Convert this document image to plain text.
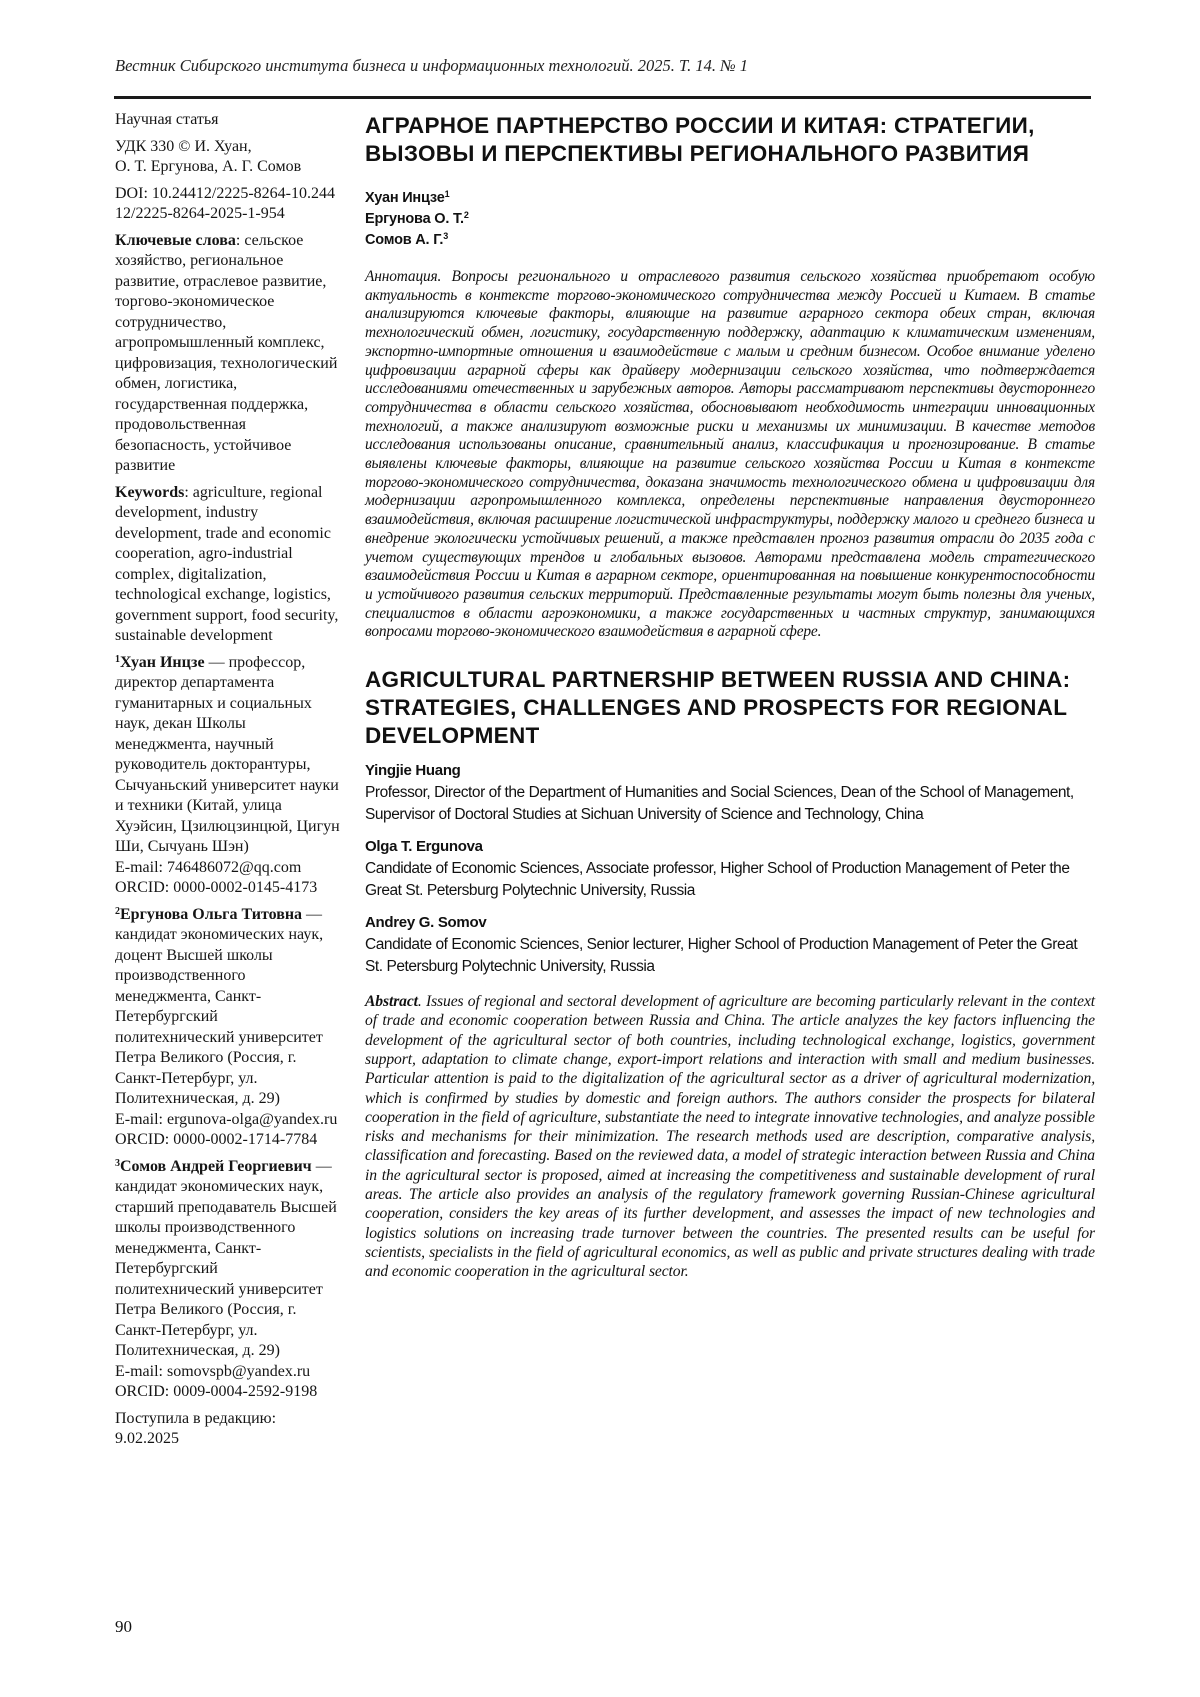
Вестник Сибирского института бизнеса и информационных технологий. 2025. Т. 14. № 1

Научная статья

УДК 330 © И. Хуан,
О. Т. Ергунова, А. Г. Сомов

DOI: 10.24412/2225-8264-10.24412/2225-8264-2025-1-954

Ключевые слова: сельское хозяйство, региональное развитие, отраслевое развитие, торгово-экономическое сотрудничество, агропромышленный комплекс, цифровизация, технологический обмен, логистика, государственная поддержка, продовольственная безопасность, устойчивое развитие

Keywords: agriculture, regional development, industry development, trade and economic cooperation, agro-industrial complex, digitalization, technological exchange, logistics, government support, food security, sustainable development

$^1$Хуан Инцзе — профессор, директор департамента гуманитарных и социальных наук, декан Школы менеджмента, научный руководитель докторантуры, Сычуаньский университет науки и техники (Китай, улица Хуэйсин, Цзилюцзинцюй, Цигун Ши, Сычуань Шэн)
E-mail: 746486072@qq.com
ORCID: 0000-0002-0145-4173

$^2$Ергунова Ольга Титовна — кандидат экономических наук, доцент Высшей школы производственного менеджмента, Санкт-Петербургский политехнический университет Петра Великого (Россия, г. Санкт-Петербург, ул. Политехническая, д. 29)
E-mail: ergunova-olga@yandex.ru
ORCID: 0000-0002-1714-7784

$^3$Сомов Андрей Георгиевич — кандидат экономических наук, старший преподаватель Высшей школы производственного менеджмента, Санкт-Петербургский политехнический университет Петра Великого (Россия, г. Санкт-Петербург, ул. Политехническая, д. 29)
E-mail: somovspb@yandex.ru
ORCID: 0009-0004-2592-9198

Поступила в редакцию:
9.02.2025

90
АГРАРНОЕ ПАРТНЕРСТВО РОССИИ И КИТАЯ: СТРАТЕГИИ, ВЫЗОВЫ И ПЕРСПЕКТИВЫ РЕГИОНАЛЬНОГО РАЗВИТИЯ
Хуан Инцзе$^1$
Ергунова О. Т.$^2$
Сомов А. Г.$^3$

Аннотация. Вопросы регионального и отраслевого развития сельского хозяйства приобретают особую актуальность в контексте торгово-экономического сотрудничества между Россией и Китаем. В статье анализируются ключевые факторы, влияющие на развитие аграрного сектора обеих стран, включая технологический обмен, логистику, государственную поддержку, адаптацию к климатическим изменениям, экспортно-импортные отношения и взаимодействие с малым и средним бизнесом. Особое внимание уделено цифровизации аграрной сферы как драйверу модернизации сельского хозяйства, что подтверждается исследованиями отечественных и зарубежных авторов. Авторы рассматривают перспективы двустороннего сотрудничества в области сельского хозяйства, обосновывают необходимость интеграции инновационных технологий, а также анализируют возможные риски и механизмы их минимизации. В качестве методов исследования использованы описание, сравнительный анализ, классификация и прогнозирование. В статье выявлены ключевые факторы, влияющие на развитие сельского хозяйства России и Китая в контексте торгово-экономического сотрудничества, доказана значимость технологического обмена и цифровизации для модернизации агропромышленного комплекса, определены перспективные направления двустороннего взаимодействия, включая расширение логистической инфраструктуры, поддержку малого и среднего бизнеса и внедрение экологически устойчивых решений, а также представлен прогноз развития отрасли до 2035 года с учетом существующих трендов и глобальных вызовов. Авторами представлена модель стратегического взаимодействия России и Китая в аграрном секторе, ориентированная на повышение конкурентоспособности и устойчивого развития сельских территорий. Представленные результаты могут быть полезны для ученых, специалистов в области агроэкономики, а также государственных и частных структур, занимающихся вопросами торгово-экономического взаимодействия в аграрной сфере.

AGRICULTURAL PARTNERSHIP BETWEEN RUSSIA AND CHINA: STRATEGIES, CHALLENGES AND PROSPECTS FOR REGIONAL DEVELOPMENT
Yingjie Huang
Professor, Director of the Department of Humanities and Social Sciences, Dean of the School of Management, Supervisor of Doctoral Studies at Sichuan University of Science and Technology, China
Olga T. Ergunova
Candidate of Economic Sciences, Associate professor, Higher School of Production Management of Peter the Great St. Petersburg Polytechnic University, Russia
Andrey G. Somov
Candidate of Economic Sciences, Senior lecturer, Higher School of Production Management of Peter the Great St. Petersburg Polytechnic University, Russia

Abstract. Issues of regional and sectoral development of agriculture are becoming particularly relevant in the context of trade and economic cooperation between Russia and China. The article analyzes the key factors influencing the development of the agricultural sector of both countries, including technological exchange, logistics, government support, adaptation to climate change, export-import relations and interaction with small and medium businesses. Particular attention is paid to the digitalization of the agricultural sector as a driver of agricultural modernization, which is confirmed by studies by domestic and foreign authors. The authors consider the prospects for bilateral cooperation in the field of agriculture, substantiate the need to integrate innovative technologies, and analyze possible risks and mechanisms for their minimization. The research methods used are description, comparative analysis, classification and forecasting. Based on the reviewed data, a model of strategic interaction between Russia and China in the agricultural sector is proposed, aimed at increasing the competitiveness and sustainable development of rural areas. The article also provides an analysis of the regulatory framework governing Russian-Chinese agricultural cooperation, considers the key areas of its further development, and assesses the impact of new technologies and logistics solutions on increasing trade turnover between the countries. The presented results can be useful for scientists, specialists in the field of agricultural economics, as well as public and private structures dealing with trade and economic cooperation in the agricultural sector.
